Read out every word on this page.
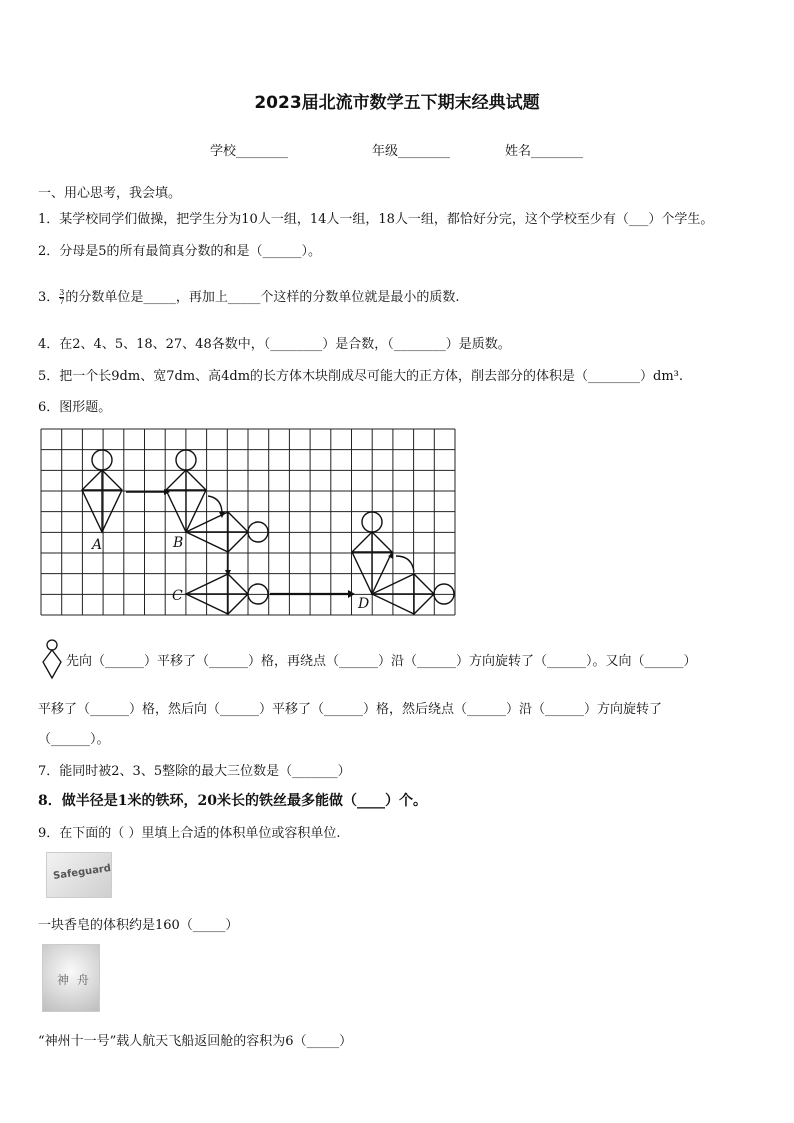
2023届北流市数学五下期末经典试题
学校________	年级________	姓名________
一、用心思考，我会填。
1．某学校同学们做操，把学生分为10人一组，14人一组，18人一组，都恰好分完，这个学校至少有（___）个学生。
2．分母是5的所有最简真分数的和是（______）。
3． $\frac{3}{7}$ 的分数单位是_____，再加上_____个这样的分数单位就是最小的质数.
4．在2、4、5、18、27、48各数中，（________）是合数，（________）是质数。
5．把一个长9dm、宽7dm、高4dm的长方体木块削成尽可能大的正方体，削去部分的体积是（________）dm³.
6．图形题。
A	B
C	D
先向（______）平移了（______）格，再绕点（______）沿（______）方向旋转了（______）。又向（______）
平移了（______）格，然后向（______）平移了（______）格，然后绕点（______）沿（______）方向旋转了
（______）。
7．能同时被2、3、5整除的最大三位数是（_______）
8．做半径是1米的铁环，20米长的铁丝最多能做（____）个。
9．在下面的（ ）里填上合适的体积单位或容积单位.
Safeguard
一块香皂的体积约是160（_____）
神舟
“神州十一号”载人航天飞船返回舱的容积为6（_____）
